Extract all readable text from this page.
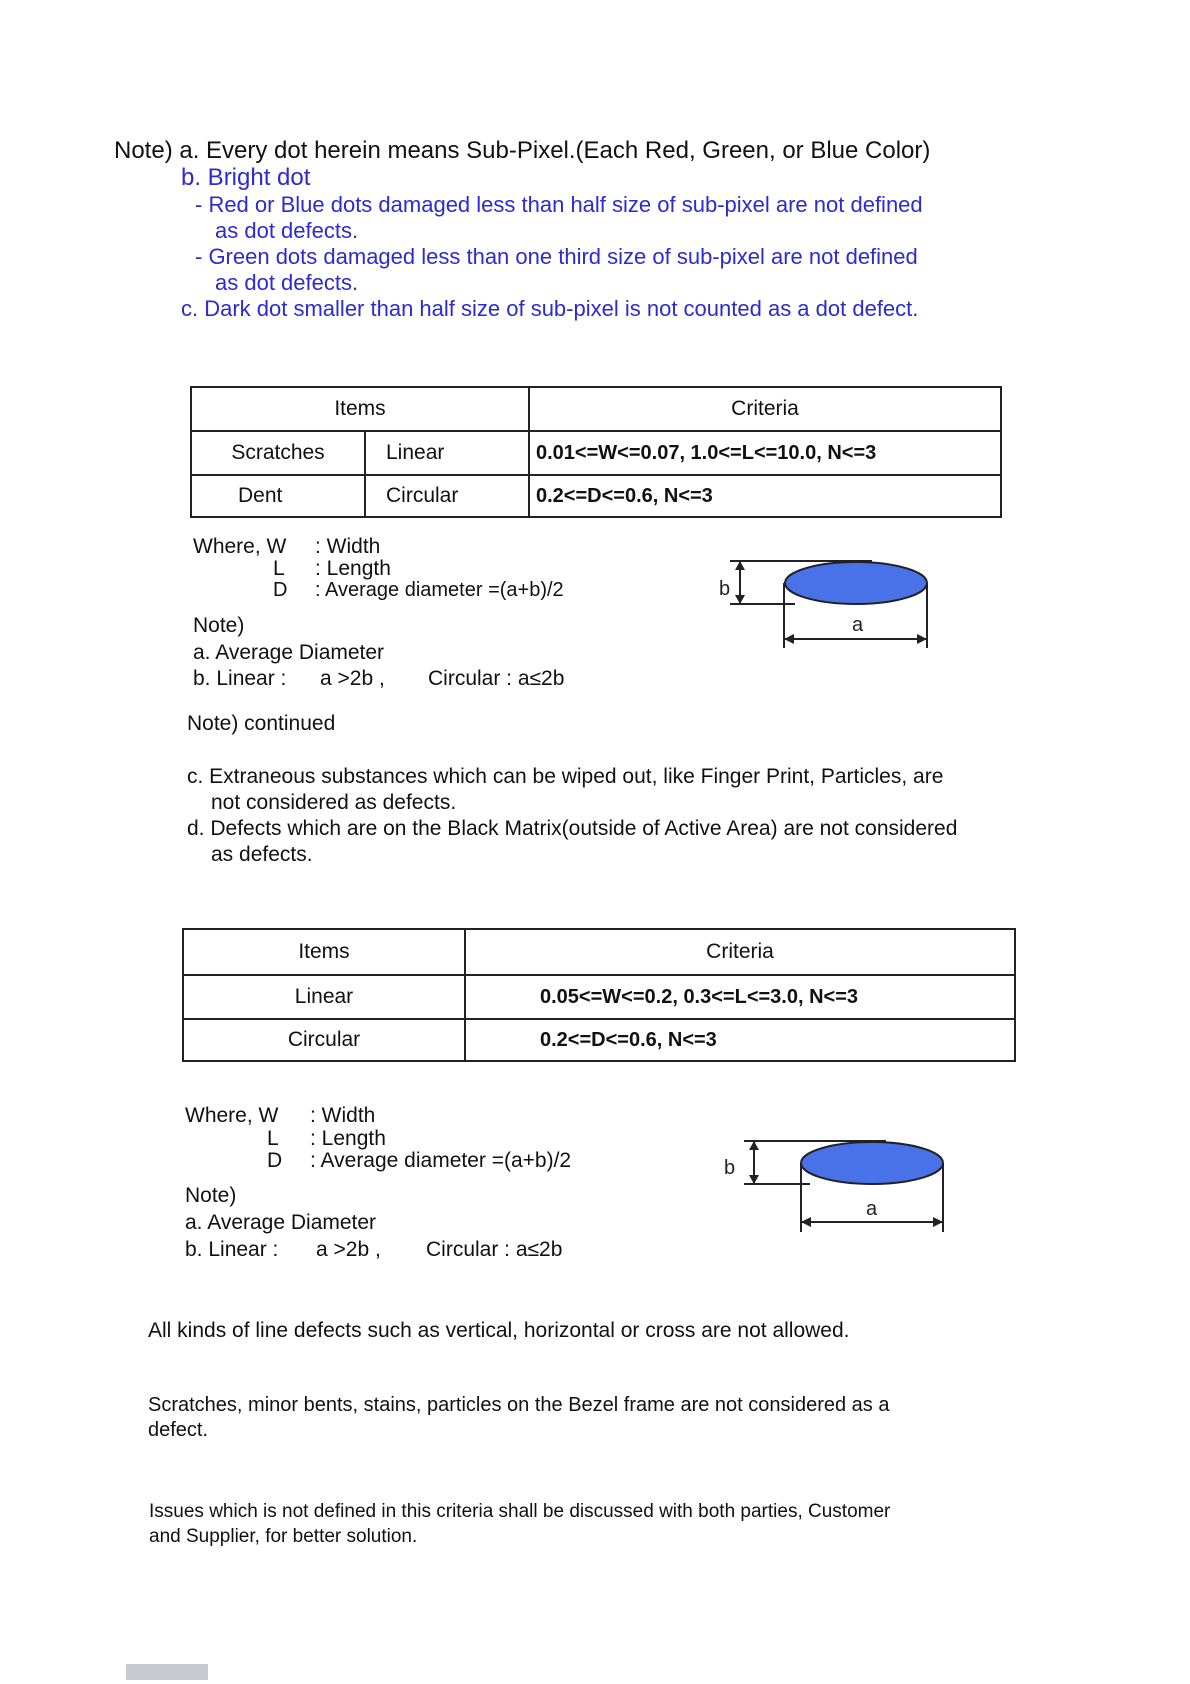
Note) a. Every dot herein means Sub-Pixel.(Each Red, Green, or Blue Color)
b. Bright dot
- Red or Blue dots damaged less than half size of sub-pixel are not defined
as dot defects.
- Green dots damaged less than one third size of sub-pixel are not defined
as dot defects.
c. Dark dot smaller than half size of sub-pixel is not counted as a dot defect.
Items		Criteria
Scratches	Linear	0.01<=W<=0.07, 1.0<=L<=10.0, N<=3
Dent	Circular	0.2<=D<=0.6, N<=3
Where, W : Width
L : Length
D : Average diameter =(a+b)/2
Note)
a. Average Diameter
b. Linear : a >2b , Circular : a≤2b
b
a
Note) continued
c. Extraneous substances which can be wiped out, like Finger Print, Particles, are
not considered as defects.
d. Defects which are on the Black Matrix(outside of Active Area) are not considered
as defects.
Items	Criteria
Linear	0.05<=W<=0.2, 0.3<=L<=3.0, N<=3
Circular	0.2<=D<=0.6, N<=3
Where, W : Width
L : Length
D : Average diameter =(a+b)/2
Note)
a. Average Diameter
b. Linear : a >2b , Circular : a≤2b
b
a
All kinds of line defects such as vertical, horizontal or cross are not allowed.
Scratches, minor bents, stains, particles on the Bezel frame are not considered as a
defect.
Issues which is not defined in this criteria shall be discussed with both parties, Customer
and Supplier, for better solution.
